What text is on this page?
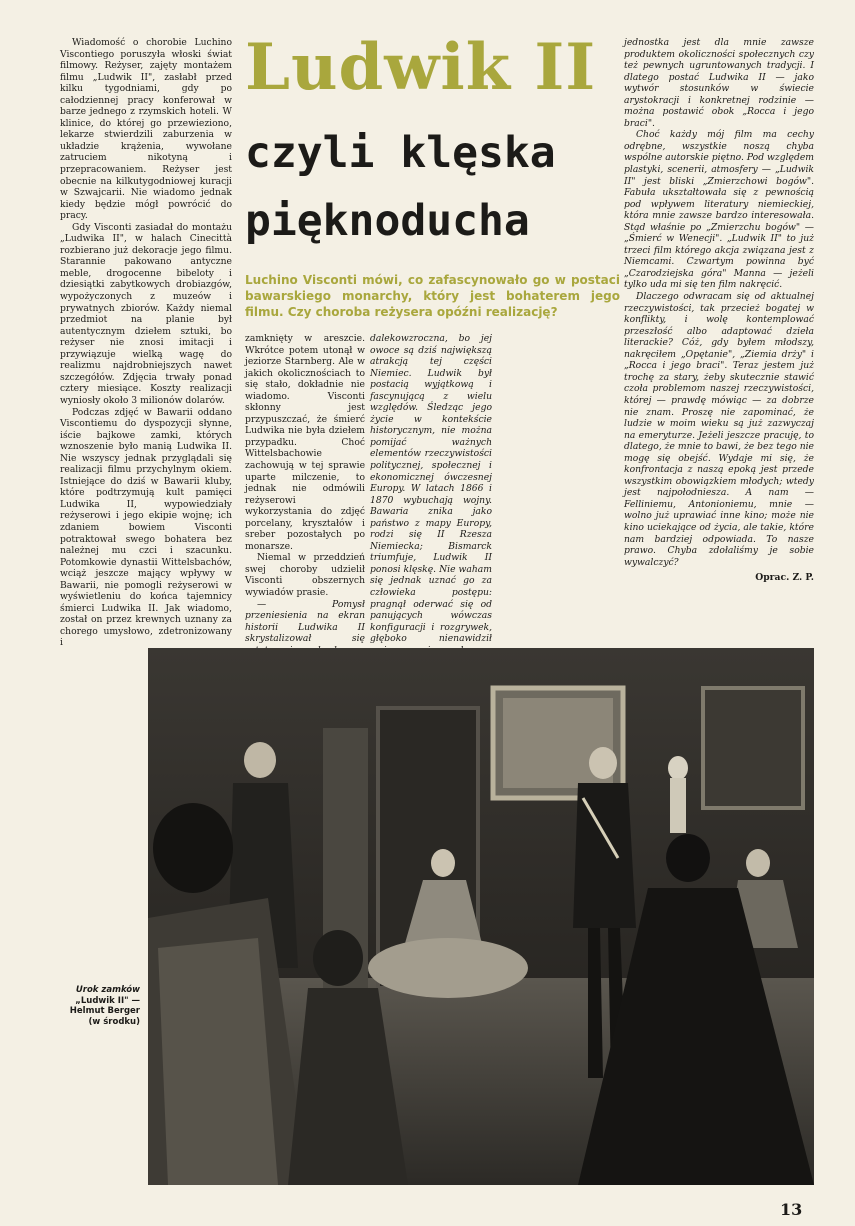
Ludwik II
czyli klęska
pięknoducha
Luchino Visconti mówi, co zafascynowało go w postaci bawarskiego monarchy, który jest bohaterem jego filmu. Czy choroba reżysera opóźni realizację?

Wiadomość o chorobie Luchino Viscontiego poruszyła włoski świat filmowy. Reżyser, zajęty montażem filmu „Ludwik II", zasłabł przed kilku tygodniami, gdy po całodziennej pracy konferował w barze jednego z rzymskich hoteli. W klinice, do której go przewieziono, lekarze stwierdzili zaburzenia w układzie krążenia, wywołane zatruciem nikotyną i przepracowaniem. Reżyser jest obecnie na kilkutygodniowej kuracji w Szwajcarii. Nie wiadomo jednak kiedy będzie mógł powrócić do pracy.

Gdy Visconti zasiadał do montażu „Ludwika II", w halach Cinecittà rozbierano już dekoracje jego filmu. Starannie pakowano antyczne meble, drogocenne bibeloty i dziesiątki zabytkowych drobiazgów, wypożyczonych z muzeów i prywatnych zbiorów. Każdy niemal przedmiot na planie był autentycznym dziełem sztuki, bo reżyser nie znosi imitacji i przywiązuje wielką wagę do realizmu najdrobniejszych nawet szczegółów. Zdjęcia trwały ponad cztery miesiące. Koszty realizacji wyniosły około 3 milionów dolarów.

Podczas zdjęć w Bawarii oddano Viscontiemu do dyspozycji słynne, iście bajkowe zamki, których wznoszenie było manią Ludwika II. Nie wszyscy jednak przyglądali się realizacji filmu przychylnym okiem. Istniejące do dziś w Bawarii kluby, które podtrzymują kult pamięci Ludwika II, wypowiedziały reżyserowi i jego ekipie wojnę; ich zdaniem bowiem Visconti potraktował swego bohatera bez należnej mu czci i szacunku. Potomkowie dynastii Wittelsbachów, wciąż jeszcze mający wpływy w Bawarii, nie pomogli reżyserowi w wyświetleniu do końca tajemnicy śmierci Ludwika II. Jak wiadomo, został on przez krewnych uznany za chorego umysłowo, zdetronizowany i

zamknięty w areszcie. Wkrótce potem utonął w jeziorze Starnberg. Ale w jakich okolicznościach to się stało, dokładnie nie wiadomo. Visconti skłonny jest przypuszczać, że śmierć Ludwika nie była dziełem przypadku. Choć Wittelsbachowie zachowują w tej sprawie uparte milczenie, to jednak nie odmówili reżyserowi wykorzystania do zdjęć porcelany, kryształów i sreber pozostałych po monarsze.

Niemal w przeddzień swej choroby udzielił Visconti obszernych wywiadów prasie.

— Pomysł przeniesienia na ekran historii Ludwika II skrystalizował się

dalekowzroczna, bo jej owoce są dziś największą atrakcją tej części Niemiec. Ludwik był postacią wyjątkową i fascynującą z wielu względów. Śledząc jego życie w kontekście historycznym, nie można pomijać ważnych elementów rzeczywistości politycznej, społecznej i ekonomicznej ówczesnej Europy. W latach 1866 i 1870 wybuchają wojny. Bawaria znika jako państwo z mapy Europy, rodzi się II Rzesza Niemiecka; Bismarck triumfuje, Ludwik II ponosi klęskę. Nie waham się jednak uznać go za człowieka postępu: pragnął oderwać się od panujących wówczas konfiguracji i rozgrywek, głęboko nienawidził

jednostka jest dla mnie zawsze produktem okoliczności społecznych czy też pewnych ugruntowanych tradycji. I dlatego postać Ludwika II — jako wytwór stosunków w świecie arystokracji i konkretnej rodzinie — można postawić obok „Rocca i jego braci".

Choć każdy mój film ma cechy odrębne, wszystkie noszą chyba wspólne autorskie piętno. Pod względem plastyki, scenerii, atmosfery — „Ludwik II" jest bliski „Zmierzchowi bogów". Fabuła ukształtowała się z pewnością pod wpływem literatury niemieckiej, która mnie zawsze bardzo interesowała. Stąd właśnie po „Zmierzchu bogów" — „Śmierć w Wenecji". „Ludwik II" to już trzeci film którego akcja związana jest z Niemcami. Czwartym powinna być „Czarodziejska góra" Manna — jeżeli tylko uda mi się ten film nakręcić.

Dlaczego odwracam się od aktualnej rzeczywistości, tak przecież bogatej w konflikty, i wolę kontemplować przeszłość albo adaptować dzieła literackie? Cóż, gdy byłem młodszy, nakręciłem „Opętanie", „Ziemia drży" i „Rocca i jego braci". Teraz jestem już trochę za stary, żeby skutecznie stawić czoła problemom naszej rzeczywistości, której — prawdę mówiąc — za dobrze nie znam. Proszę nie zapominać, że ludzie w moim wieku są już zazwyczaj na emeryturze. Jeżeli jeszcze pracuję, to dlatego, że mnie to bawi, że bez tego nie mogę się obejść. Wydaje mi się, że konfrontacja z naszą epoką jest przede wszystkim obowiązkiem młodych; wtedy jest najpołodniesza. A nam — Felliniemu, Antonioniemu, mnie — wolno już uprawiać inne kino; może nie kino uciekające od życia, ale takie, które nam bardziej odpowiada. To nasze prawo. Chyba zdołaliśmy je sobie wywalczyć?

Oprac. Z. P.
Urok zamków
„Ludwik II" —
Helmut Berger
(w środku)
13
